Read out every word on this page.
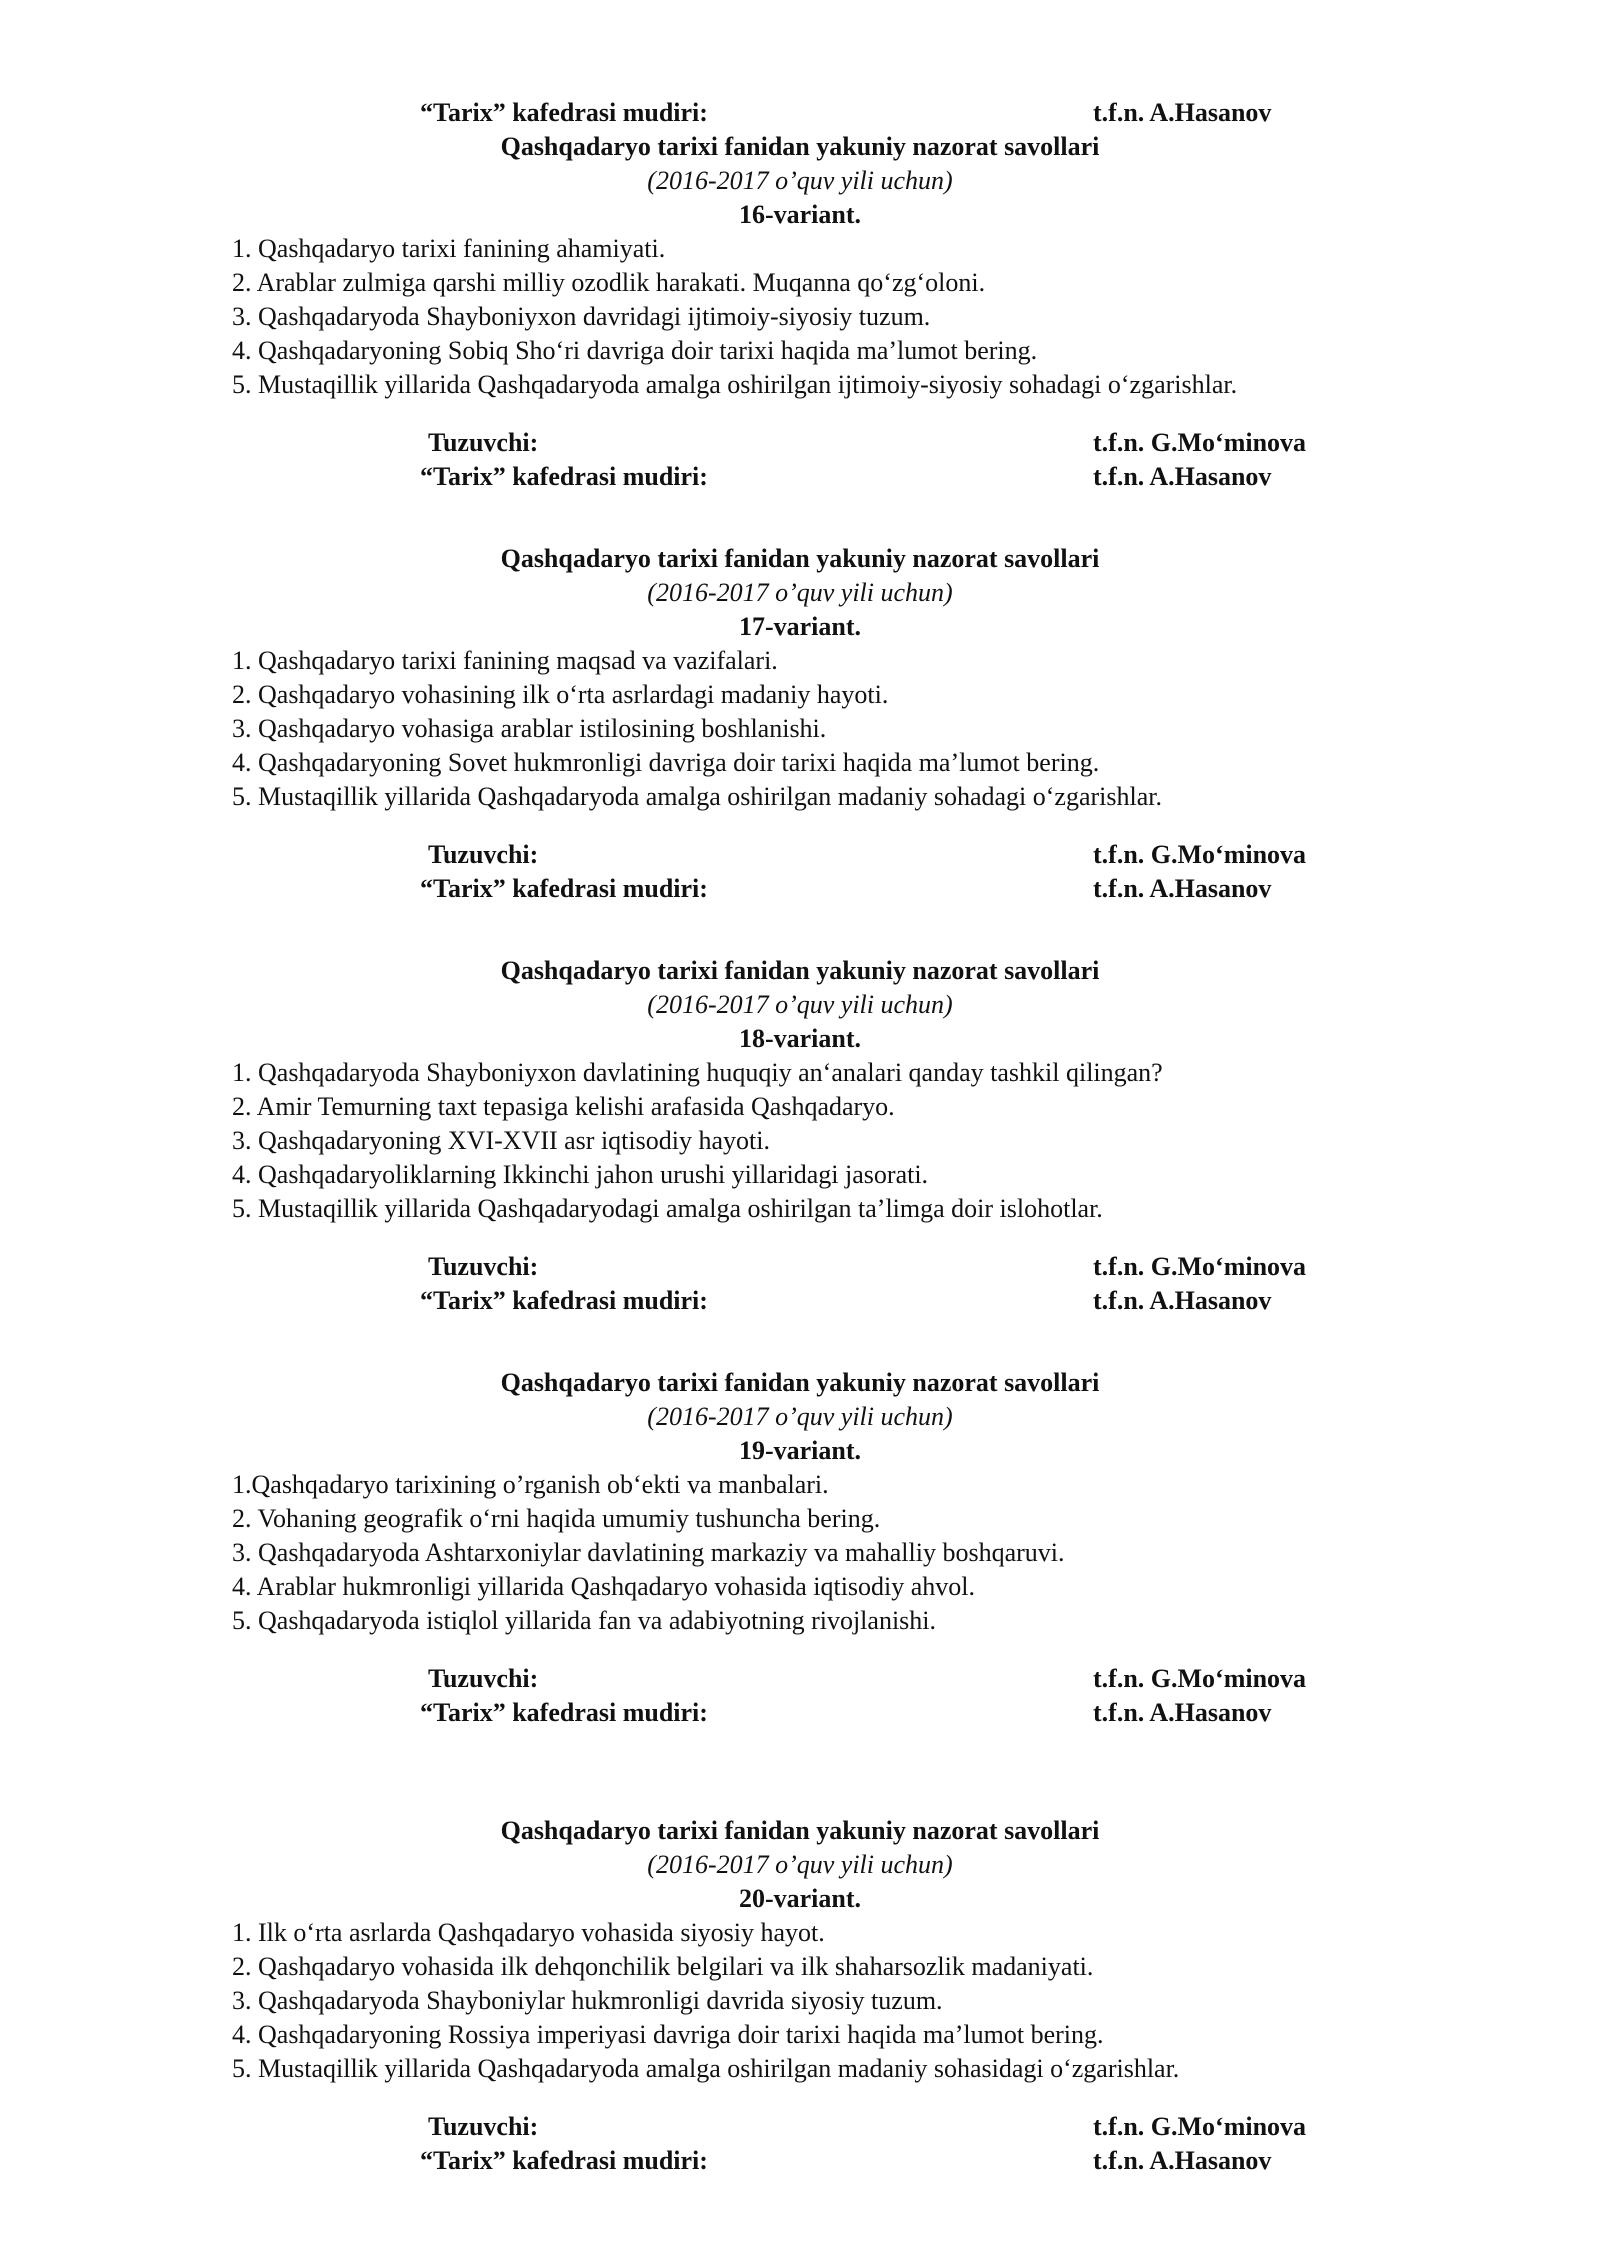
“Tarix” kafedrasi mudiri:	t.f.n. A.Hasanov
Qashqadaryo tarixi fanidan yakuniy nazorat savollari
(2016-2017 o’quv yili uchun)
16-variant.
1. Qashqadaryo tarixi fanining ahamiyati.
2. Arablar zulmiga qarshi milliy ozodlik harakati. Muqanna qo‘zg‘oloni.
3. Qashqadaryoda Shayboniyxon davridagi ijtimoiy-siyosiy tuzum.
4. Qashqadaryoning Sobiq Sho‘ri davriga doir tarixi haqida ma’lumot bering.
5. Mustaqillik yillarida Qashqadaryoda amalga oshirilgan ijtimoiy-siyosiy sohadagi o‘zgarishlar.
Tuzuvchi:	t.f.n. G.Mo‘minova
“Tarix” kafedrasi mudiri:	t.f.n. A.Hasanov
Qashqadaryo tarixi fanidan yakuniy nazorat savollari
(2016-2017 o’quv yili uchun)
17-variant.
1. Qashqadaryo tarixi fanining maqsad va vazifalari.
2. Qashqadaryo vohasining ilk o‘rta asrlardagi madaniy hayoti.
3. Qashqadaryo vohasiga arablar istilosining boshlanishi.
4. Qashqadaryoning Sovet hukmronligi davriga doir tarixi haqida ma’lumot bering.
5. Mustaqillik yillarida Qashqadaryoda amalga oshirilgan madaniy sohadagi o‘zgarishlar.
Tuzuvchi:	t.f.n. G.Mo‘minova
“Tarix” kafedrasi mudiri:	t.f.n. A.Hasanov
Qashqadaryo tarixi fanidan yakuniy nazorat savollari
(2016-2017 o’quv yili uchun)
18-variant.
1. Qashqadaryoda Shayboniyxon davlatining huquqiy an‘analari qanday tashkil qilingan?
2. Amir Temurning taxt tepasiga kelishi arafasida Qashqadaryo.
3. Qashqadaryoning XVI-XVII asr iqtisodiy hayoti.
4. Qashqadaryoliklarning Ikkinchi jahon urushi yillaridagi jasorati.
5. Mustaqillik yillarida Qashqadaryodagi amalga oshirilgan ta’limga doir islohotlar.
Tuzuvchi:	t.f.n. G.Mo‘minova
“Tarix” kafedrasi mudiri:	t.f.n. A.Hasanov
Qashqadaryo tarixi fanidan yakuniy nazorat savollari
(2016-2017 o’quv yili uchun)
19-variant.
1.Qashqadaryo tarixining o’rganish ob‘ekti va manbalari.
2. Vohaning geografik o‘rni haqida umumiy tushuncha bering.
3. Qashqadaryoda Ashtarxoniylar davlatining markaziy va mahalliy boshqaruvi.
4. Arablar hukmronligi yillarida Qashqadaryo vohasida iqtisodiy ahvol.
5. Qashqadaryoda istiqlol yillarida fan va adabiyotning rivojlanishi.
Tuzuvchi:	t.f.n. G.Mo‘minova
“Tarix” kafedrasi mudiri:	t.f.n. A.Hasanov
Qashqadaryo tarixi fanidan yakuniy nazorat savollari
(2016-2017 o’quv yili uchun)
20-variant.
1. Ilk o‘rta asrlarda Qashqadaryo vohasida siyosiy hayot.
2. Qashqadaryo vohasida ilk dehqonchilik belgilari va ilk shaharsozlik madaniyati.
3. Qashqadaryoda Shayboniylar hukmronligi davrida siyosiy tuzum.
4. Qashqadaryoning Rossiya imperiyasi davriga doir tarixi haqida ma’lumot bering.
5. Mustaqillik yillarida Qashqadaryoda amalga oshirilgan madaniy sohasidagi o‘zgarishlar.
Tuzuvchi:	t.f.n. G.Mo‘minova
“Tarix” kafedrasi mudiri:	t.f.n. A.Hasanov
